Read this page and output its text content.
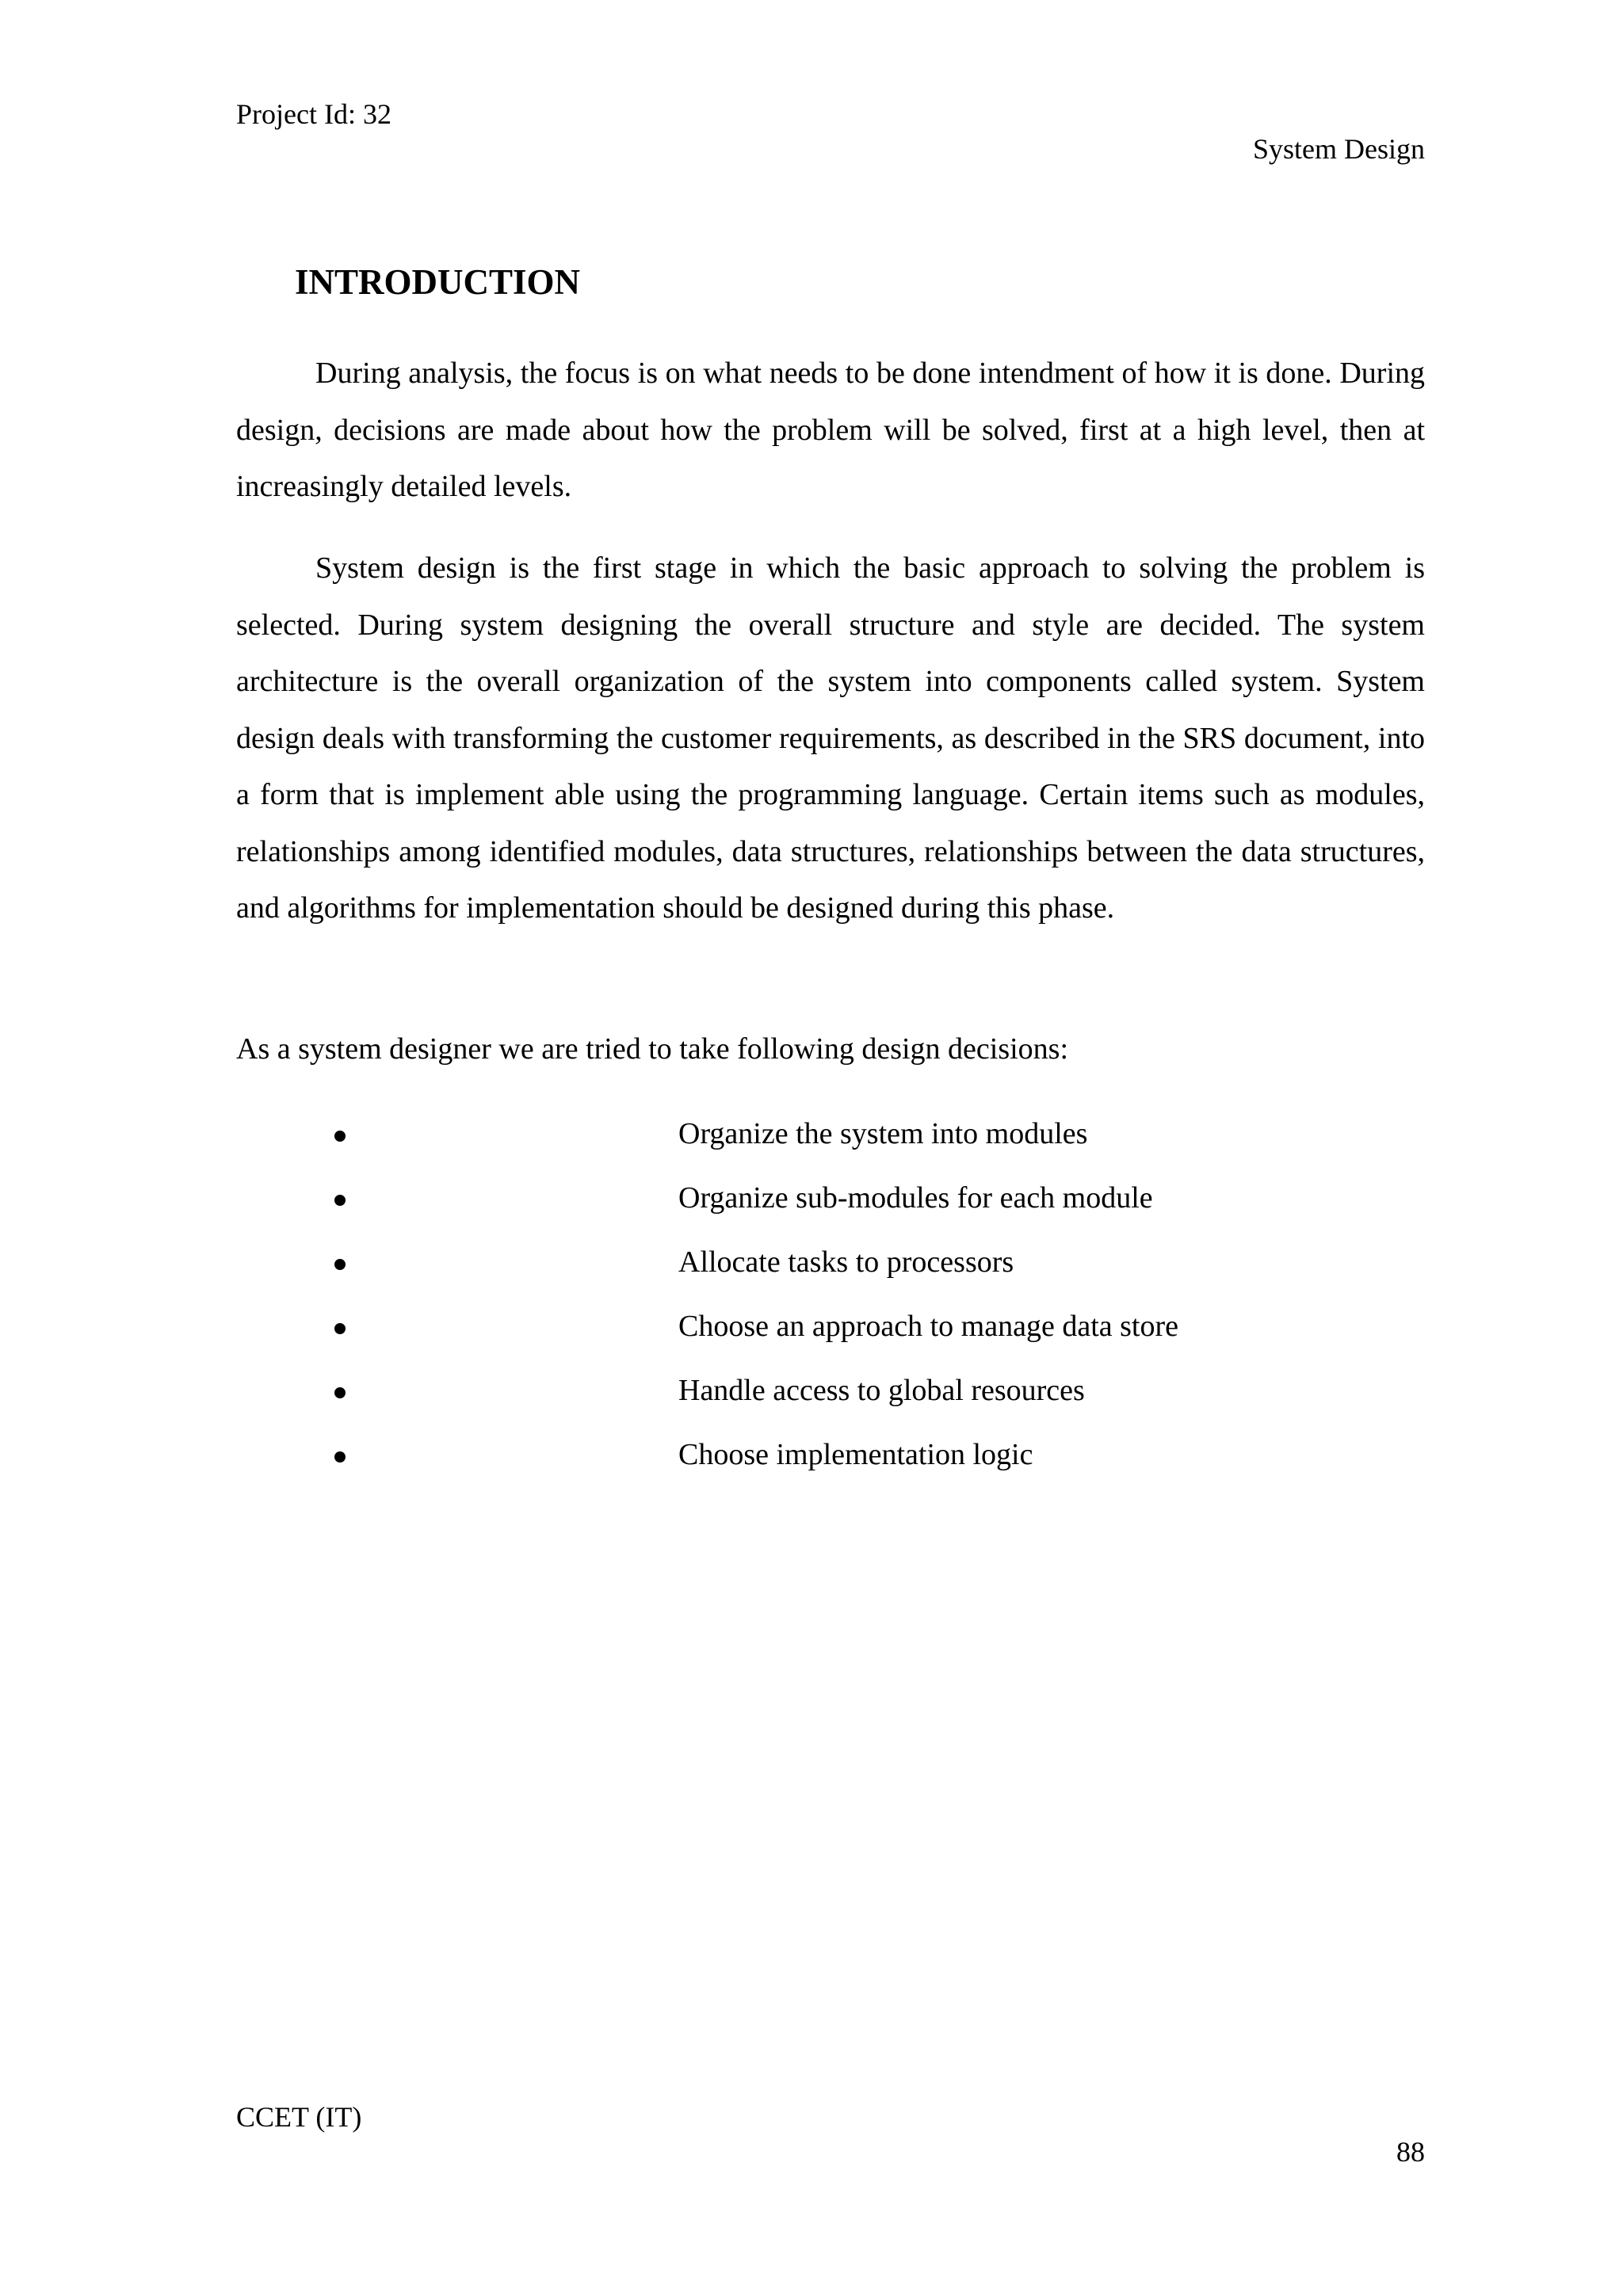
Project Id: 32
System Design
INTRODUCTION

During analysis, the focus is on what needs to be done intendment of how it is done. During design, decisions are made about how the problem will be solved, first at a high level, then at increasingly detailed levels.

System design is the first stage in which the basic approach to solving the problem is selected. During system designing the overall structure and style are decided. The system architecture is the overall organization of the system into components called system. System design deals with transforming the customer requirements, as described in the SRS document, into a form that is implement able using the programming language. Certain items such as modules, relationships among identified modules, data structures, relationships between the data structures, and algorithms for implementation should be designed during this phase.

As a system designer we are tried to take following design decisions:

Organize the system into modules
Organize sub-modules for each module
Allocate tasks to processors
Choose an approach to manage data store
Handle access to global resources
Choose implementation logic
CCET (IT)
88
